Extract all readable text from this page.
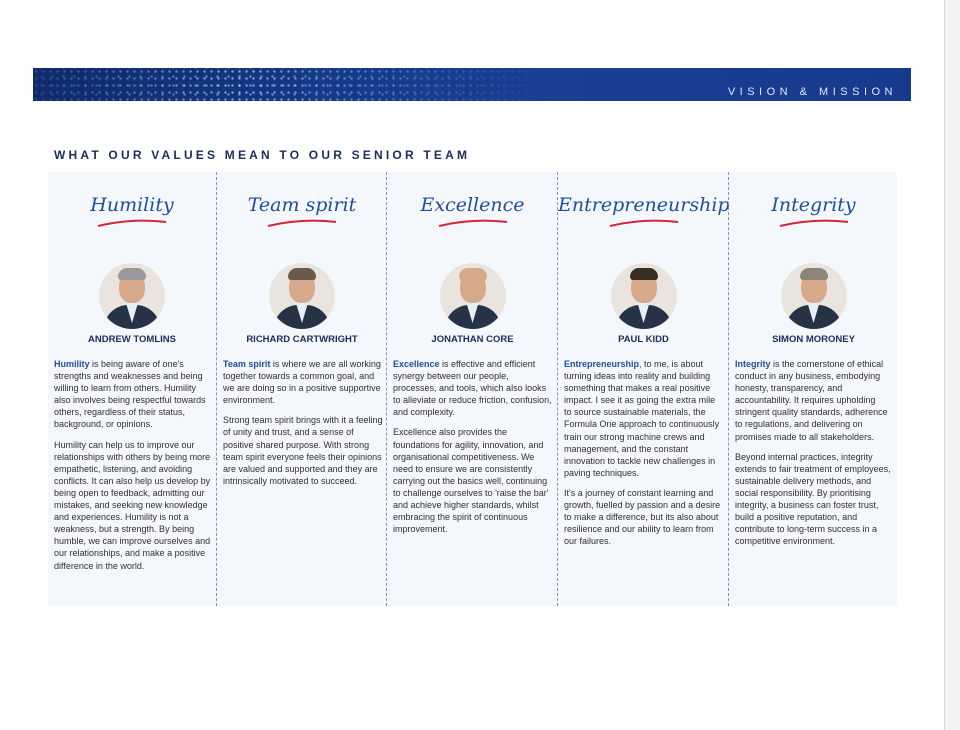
VISION & MISSION
WHAT OUR VALUES MEAN TO OUR SENIOR TEAM
Humility
ANDREW TOMLINS

Humility is being aware of one's strengths and weaknesses and being willing to learn from others. Humility also involves being respectful towards others, regardless of their status, background, or opinions.

Humility can help us to improve our relationships with others by being more empathetic, listening, and avoiding conflicts. It can also help us develop by being open to feedback, admitting our mistakes, and seeking new knowledge and experiences. Humility is not a weakness, but a strength. By being humble, we can improve ourselves and our relationships, and make a positive difference in the world.

Team spirit
RICHARD CARTWRIGHT

Team spirit is where we are all working together towards a common goal, and we are doing so in a positive supportive environment.

Strong team spirit brings with it a feeling of unity and trust, and a sense of positive shared purpose. With strong team spirit everyone feels their opinions are valued and supported and they are intrinsically motivated to succeed.

Excellence
JONATHAN CORE

Excellence is effective and efficient synergy between our people, processes, and tools, which also looks to alleviate or reduce friction, confusion, and complexity.

Excellence also provides the foundations for agility, innovation, and organisational competitiveness. We need to ensure we are consistently carrying out the basics well, continuing to challenge ourselves to 'raise the bar' and achieve higher standards, whilst embracing the spirit of continuous improvement.

Entrepreneurship
PAUL KIDD

Entrepreneurship, to me, is about turning ideas into reality and building something that makes a real positive impact. I see it as going the extra mile to source sustainable materials, the Formula One approach to continuously train our strong machine crews and management, and the constant innovation to tackle new challenges in paving techniques.

It's a journey of constant learning and growth, fuelled by passion and a desire to make a difference, but its also about resilience and our ability to learn from our failures.

Integrity
SIMON MORONEY

Integrity is the cornerstone of ethical conduct in any business, embodying honesty, transparency, and accountability. It requires upholding stringent quality standards, adherence to regulations, and delivering on promises made to all stakeholders.

Beyond internal practices, integrity extends to fair treatment of employees, sustainable delivery methods, and social responsibility. By prioritising integrity, a business can foster trust, build a positive reputation, and contribute to long-term success in a competitive environment.
